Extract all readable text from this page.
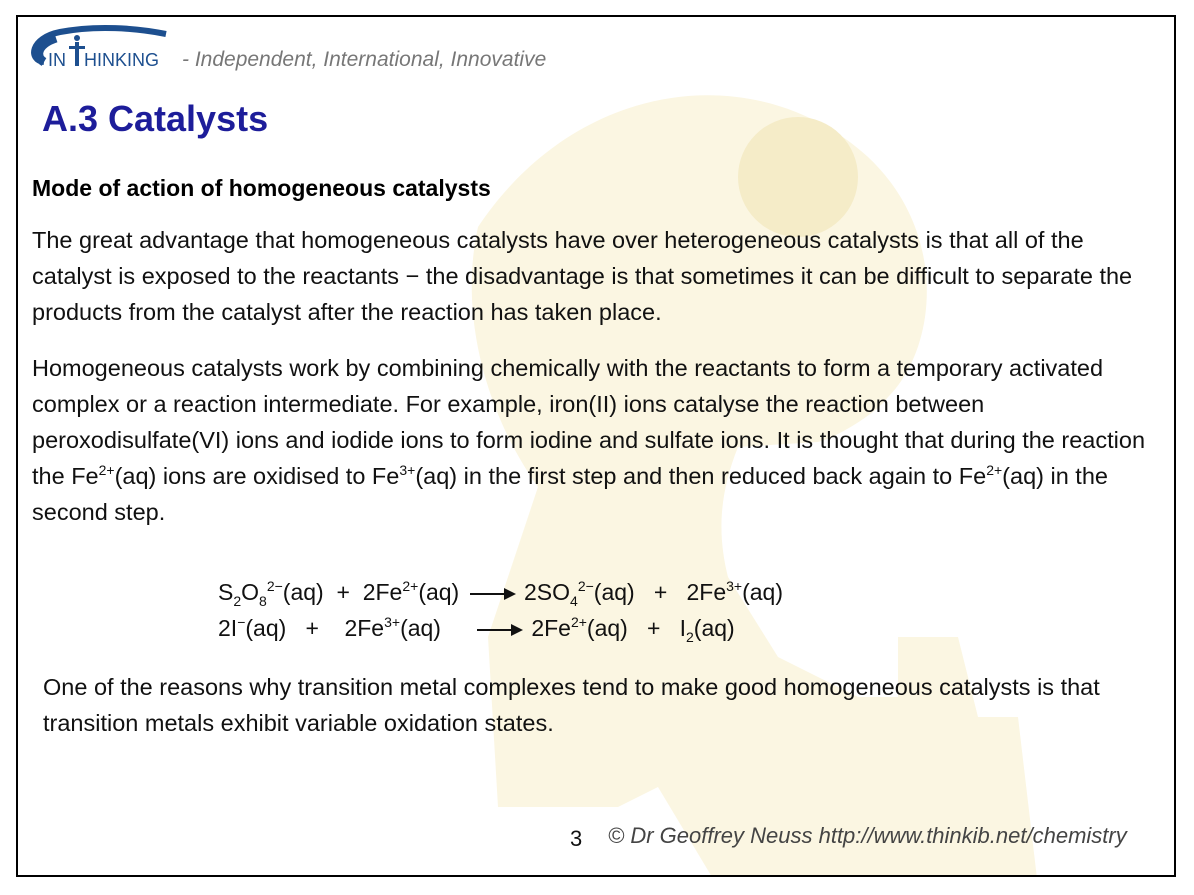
IN HINKING - Independent, International, Innovative
A.3 Catalysts
Mode of action of homogeneous catalysts
The great advantage that homogeneous catalysts have over heterogeneous catalysts is that all of the catalyst is exposed to the reactants − the disadvantage is that sometimes it can be difficult to separate the products from the catalyst after the reaction has taken place.
Homogeneous catalysts work by combining chemically with the reactants to form a temporary activated complex or a reaction intermediate. For example, iron(II) ions catalyse the reaction between peroxodisulfate(VI) ions and iodide ions to form iodine and sulfate ions. It is thought that during the reaction the $Fe^{2+}(aq)$ ions are oxidised to $Fe^{3+}(aq)$ in the first step and then reduced back again to $Fe^{2+}(aq)$ in the second step.
$S_2O_8^{2-}(aq) + 2Fe^{2+}(aq) \to 2SO_4^{2-}(aq) + 2Fe^{3+}(aq)$
$2I^-(aq) + 2Fe^{3+}(aq) \to 2Fe^{2+}(aq) + I_2(aq)$
One of the reasons why transition metal complexes tend to make good homogeneous catalysts is that transition metals exhibit variable oxidation states.
3 © Dr Geoffrey Neuss http://www.thinkib.net/chemistry
